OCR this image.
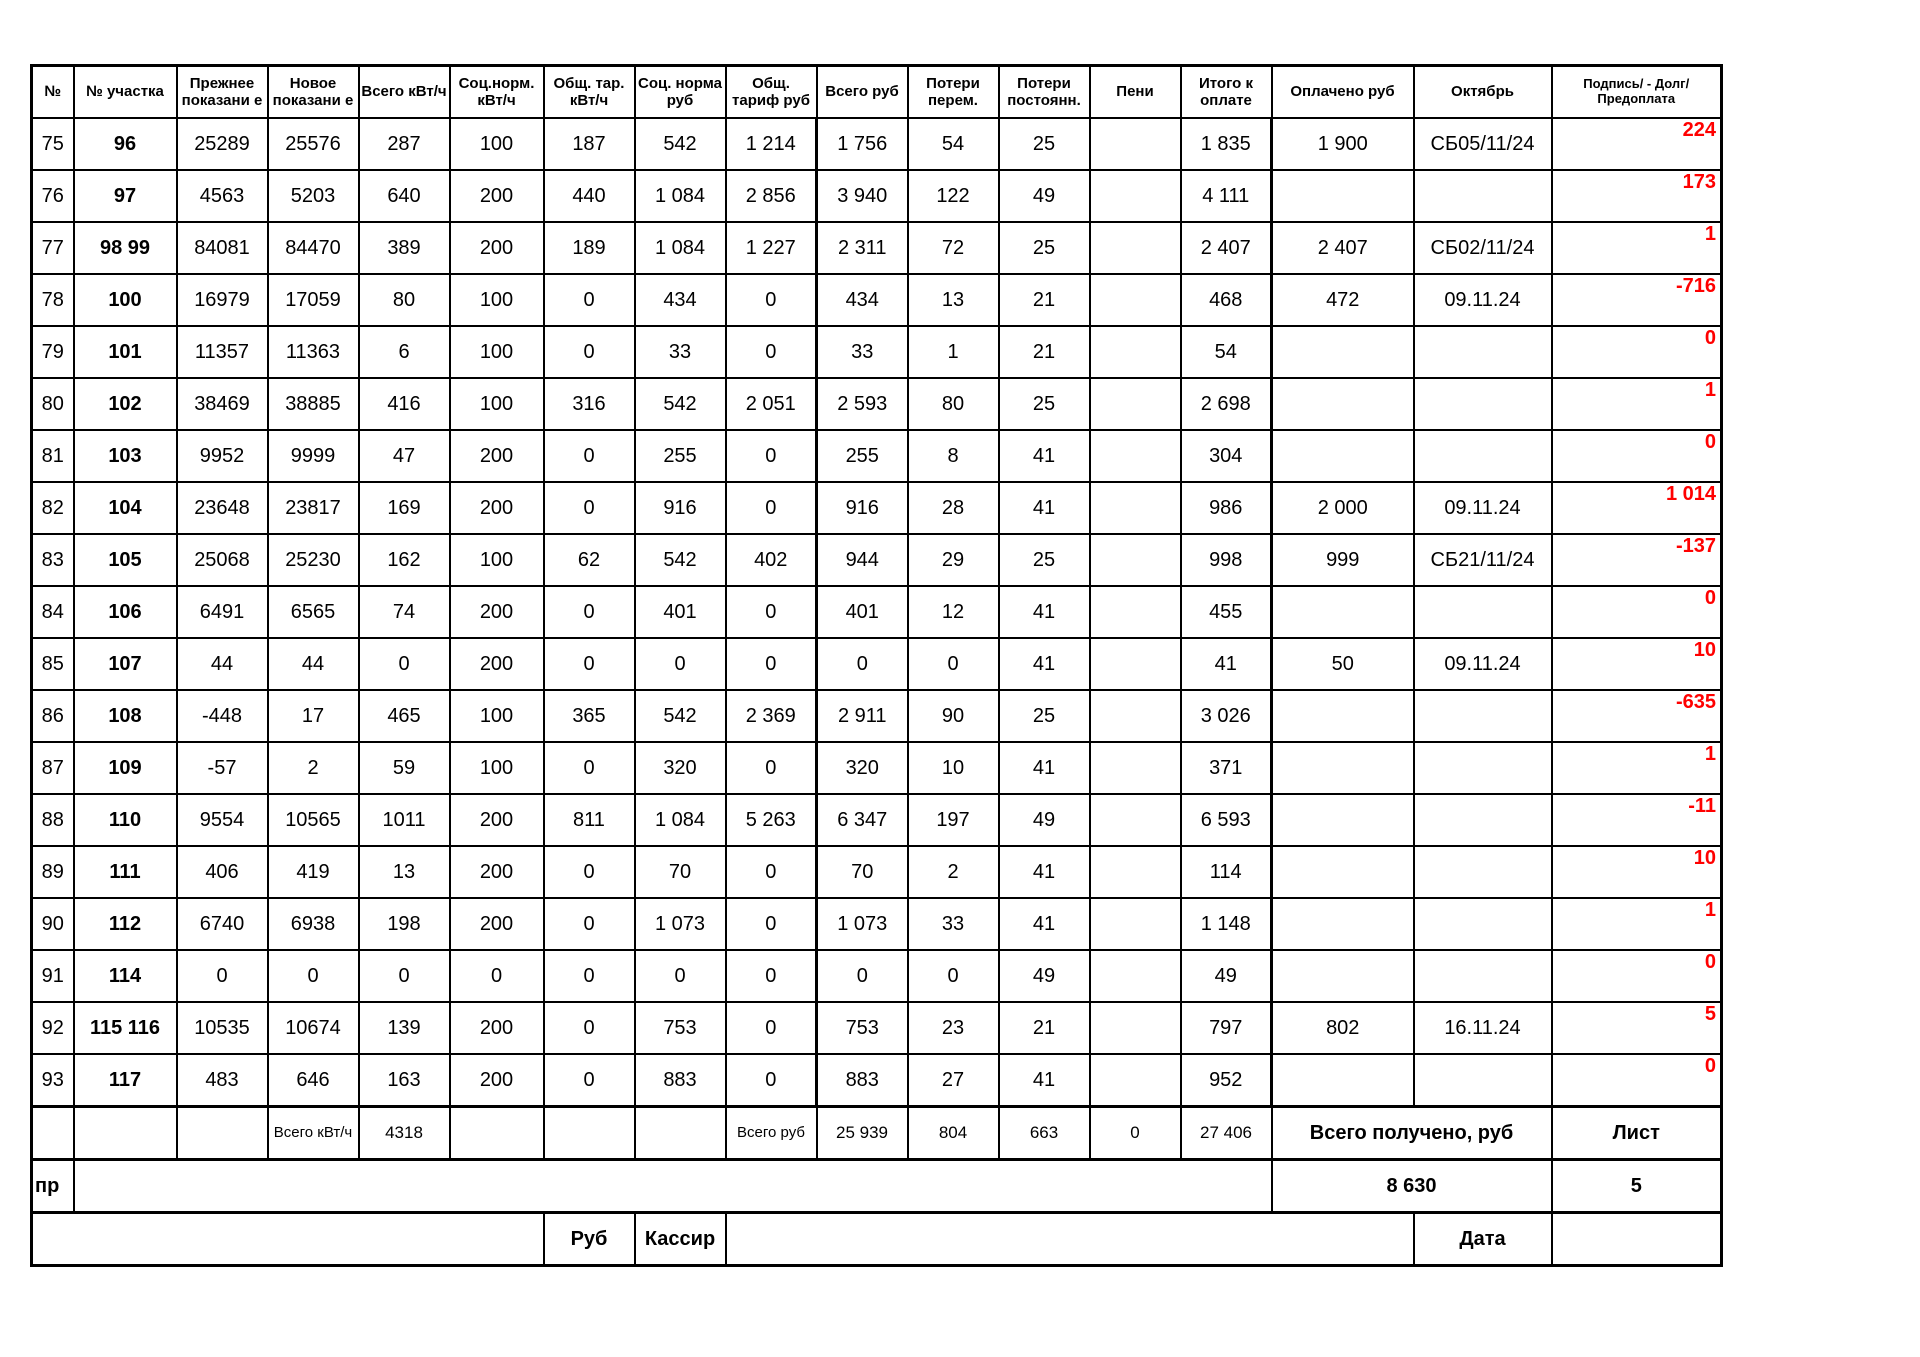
№	№ участка	Прежнее показани е	Новое показани е	Всего кВт/ч	Соц.норм. кВт/ч	Общ. тар. кВт/ч	Соц. норма руб	Общ. тариф руб	Всего руб	Потери перем.	Потери постоянн.	Пени	Итого к оплате	Оплачено руб	Октябрь	Подпись/ - Долг/Предоплата
75	96	25289	25576	287	100	187	542	1 214	1 756	54	25		1 835	1 900	СБ05/11/24	224
76	97	4563	5203	640	200	440	1 084	2 856	3 940	122	49		4 111			173
77	98 99	84081	84470	389	200	189	1 084	1 227	2 311	72	25		2 407	2 407	СБ02/11/24	1
78	100	16979	17059	80	100	0	434	0	434	13	21		468	472	09.11.24	-716
79	101	11357	11363	6	100	0	33	0	33	1	21		54			0
80	102	38469	38885	416	100	316	542	2 051	2 593	80	25		2 698			1
81	103	9952	9999	47	200	0	255	0	255	8	41		304			0
82	104	23648	23817	169	200	0	916	0	916	28	41		986	2 000	09.11.24	1 014
83	105	25068	25230	162	100	62	542	402	944	29	25		998	999	СБ21/11/24	-137
84	106	6491	6565	74	200	0	401	0	401	12	41		455			0
85	107	44	44	0	200	0	0	0	0	0	41		41	50	09.11.24	10
86	108	-448	17	465	100	365	542	2 369	2 911	90	25		3 026			-635
87	109	-57	2	59	100	0	320	0	320	10	41		371			1
88	110	9554	10565	1011	200	811	1 084	5 263	6 347	197	49		6 593			-11
89	111	406	419	13	200	0	70	0	70	2	41		114			10
90	112	6740	6938	198	200	0	1 073	0	1 073	33	41		1 148			1
91	114	0	0	0	0	0	0	0	0	0	49		49			0
92	115 116	10535	10674	139	200	0	753	0	753	23	21		797	802	16.11.24	5
93	117	483	646	163	200	0	883	0	883	27	41		952			0
			Всего кВт/ч	4318				Всего руб	25 939	804	663	0	27 406	Всего получено, руб		Лист
пр														8 630		5
						Руб	Кассир								Дата	
